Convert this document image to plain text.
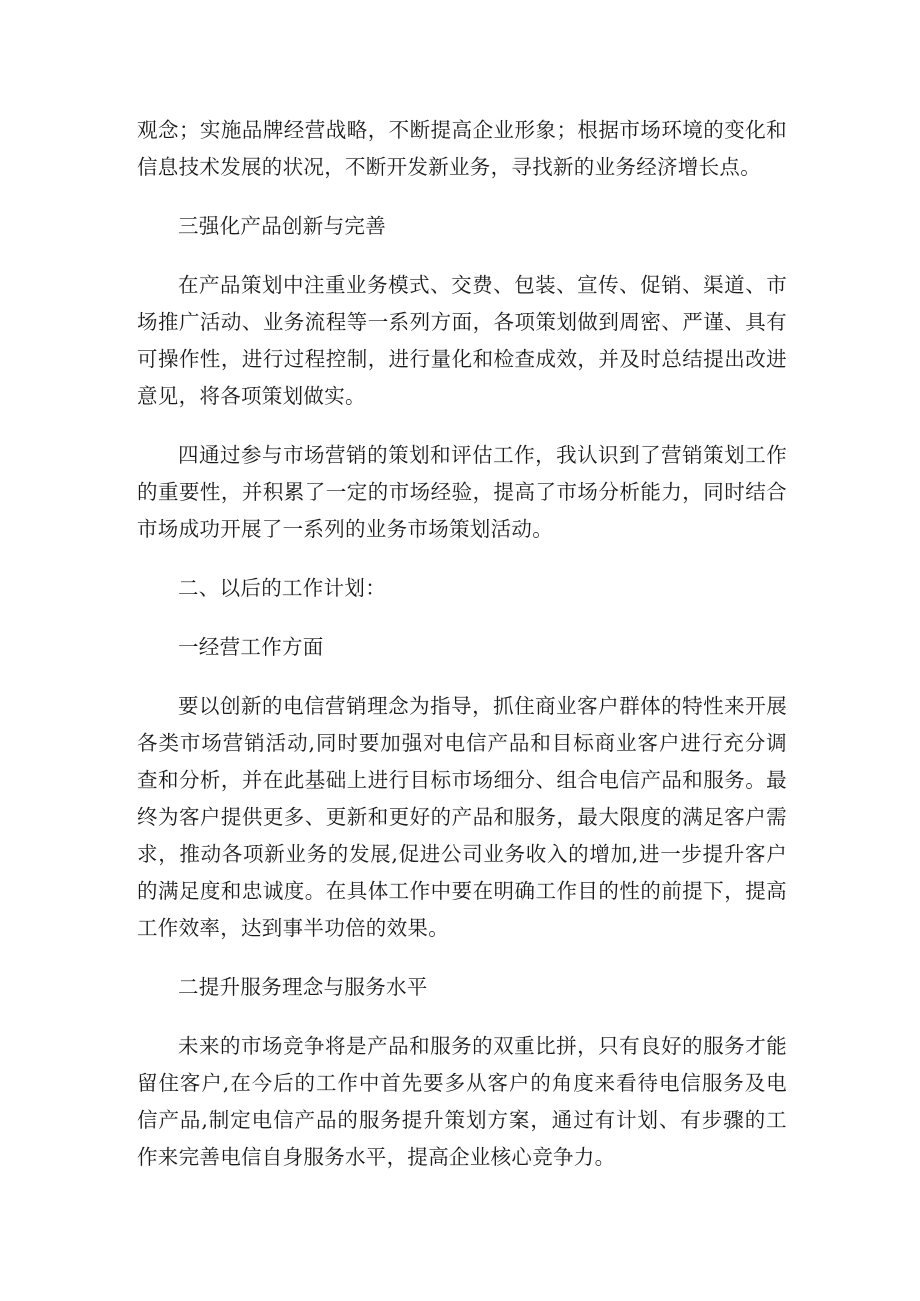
观念；实施品牌经营战略，不断提高企业形象；根据市场环境的变化和信息技术发展的状况，不断开发新业务，寻找新的业务经济增长点。

三强化产品创新与完善

在产品策划中注重业务模式、交费、包装、宣传、促销、渠道、市场推广活动、业务流程等一系列方面，各项策划做到周密、严谨、具有可操作性，进行过程控制，进行量化和检查成效，并及时总结提出改进意见，将各项策划做实。

四通过参与市场营销的策划和评估工作，我认识到了营销策划工作的重要性，并积累了一定的市场经验，提高了市场分析能力，同时结合市场成功开展了一系列的业务市场策划活动。

二、以后的工作计划：

一经营工作方面

要以创新的电信营销理念为指导，抓住商业客户群体的特性来开展各类市场营销活动,同时要加强对电信产品和目标商业客户进行充分调查和分析，并在此基础上进行目标市场细分、组合电信产品和服务。最终为客户提供更多、更新和更好的产品和服务，最大限度的满足客户需求，推动各项新业务的发展,促进公司业务收入的增加,进一步提升客户的满足度和忠诚度。在具体工作中要在明确工作目的性的前提下，提高工作效率，达到事半功倍的效果。

二提升服务理念与服务水平

未来的市场竞争将是产品和服务的双重比拼，只有良好的服务才能留住客户,在今后的工作中首先要多从客户的角度来看待电信服务及电信产品,制定电信产品的服务提升策划方案，通过有计划、有步骤的工作来完善电信自身服务水平，提高企业核心竞争力。
